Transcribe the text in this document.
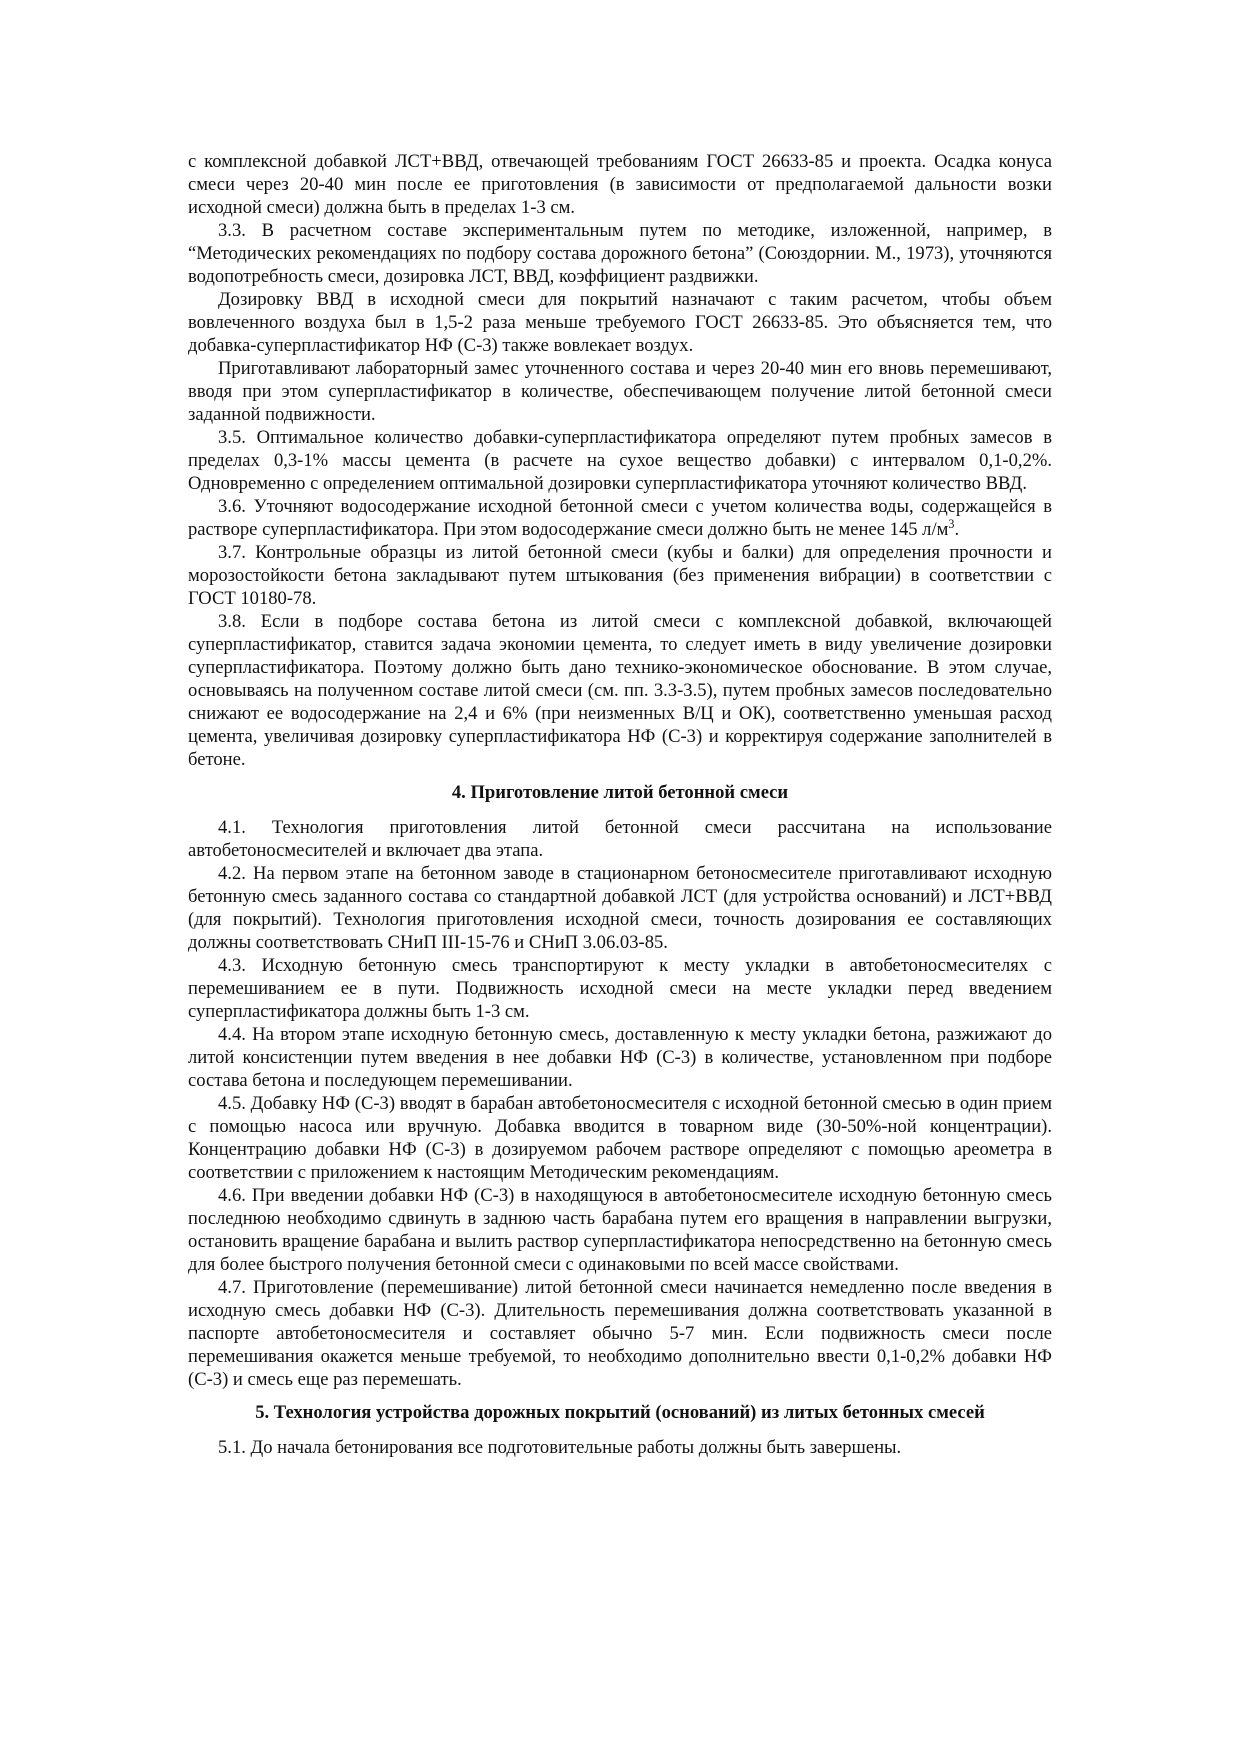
с комплексной добавкой ЛСТ+ВВД, отвечающей требованиям ГОСТ 26633-85 и проекта. Осадка конуса смеси через 20-40 мин после ее приготовления (в зависимости от предполагаемой дальности возки исходной смеси) должна быть в пределах 1-3 см.

3.3. В расчетном составе экспериментальным путем по методике, изложенной, например, в “Методических рекомендациях по подбору состава дорожного бетона” (Союздорнии. М., 1973), уточняются водопотребность смеси, дозировка ЛСТ, ВВД, коэффициент раздвижки.

Дозировку ВВД в исходной смеси для покрытий назначают с таким расчетом, чтобы объем вовлеченного воздуха был в 1,5-2 раза меньше требуемого ГОСТ 26633-85. Это объясняется тем, что добавка-суперпластификатор НФ (С-3) также вовлекает воздух.

Приготавливают лабораторный замес уточненного состава и через 20-40 мин его вновь перемешивают, вводя при этом суперпластификатор в количестве, обеспечивающем получение литой бетонной смеси заданной подвижности.

3.5. Оптимальное количество добавки-суперпластификатора определяют путем пробных замесов в пределах 0,3-1% массы цемента (в расчете на сухое вещество добавки) с интервалом 0,1-0,2%. Одновременно с определением оптимальной дозировки суперпластификатора уточняют количество ВВД.

3.6. Уточняют водосодержание исходной бетонной смеси с учетом количества воды, содержащейся в растворе суперпластификатора. При этом водосодержание смеси должно быть не менее 145 $л/м^3$.

3.7. Контрольные образцы из литой бетонной смеси (кубы и балки) для определения прочности и морозостойкости бетона закладывают путем штыкования (без применения вибрации) в соответствии с ГОСТ 10180-78.

3.8. Если в подборе состава бетона из литой смеси с комплексной добавкой, включающей суперпластификатор, ставится задача экономии цемента, то следует иметь в виду увеличение дозировки суперпластификатора. Поэтому должно быть дано технико-экономическое обоснование. В этом случае, основываясь на полученном составе литой смеси (см. пп. 3.3-3.5), путем пробных замесов последовательно снижают ее водосодержание на 2,4 и 6% (при неизменных В/Ц и ОК), соответственно уменьшая расход цемента, увеличивая дозировку суперпластификатора НФ (С-3) и корректируя содержание заполнителей в бетоне.

4. Приготовление литой бетонной смеси

4.1. Технология приготовления литой бетонной смеси рассчитана на использование автобетоносмесителей и включает два этапа.

4.2. На первом этапе на бетонном заводе в стационарном бетоносмесителе приготавливают исходную бетонную смесь заданного состава со стандартной добавкой ЛСТ (для устройства оснований) и ЛСТ+ВВД (для покрытий). Технология приготовления исходной смеси, точность дозирования ее составляющих должны соответствовать СНиП III-15-76 и СНиП 3.06.03-85.

4.3. Исходную бетонную смесь транспортируют к месту укладки в автобетоносмесителях с перемешиванием ее в пути. Подвижность исходной смеси на месте укладки перед введением суперпластификатора должны быть 1-3 см.

4.4. На втором этапе исходную бетонную смесь, доставленную к месту укладки бетона, разжижают до литой консистенции путем введения в нее добавки НФ (С-3) в количестве, установленном при подборе состава бетона и последующем перемешивании.

4.5. Добавку НФ (С-3) вводят в барабан автобетоносмесителя с исходной бетонной смесью в один прием с помощью насоса или вручную. Добавка вводится в товарном виде (30-50%-ной концентрации). Концентрацию добавки НФ (С-3) в дозируемом рабочем растворе определяют с помощью ареометра в соответствии с приложением к настоящим Методическим рекомендациям.

4.6. При введении добавки НФ (С-3) в находящуюся в автобетоносмесителе исходную бетонную смесь последнюю необходимо сдвинуть в заднюю часть барабана путем его вращения в направлении выгрузки, остановить вращение барабана и вылить раствор суперпластификатора непосредственно на бетонную смесь для более быстрого получения бетонной смеси с одинаковыми по всей массе свойствами.

4.7. Приготовление (перемешивание) литой бетонной смеси начинается немедленно после введения в исходную смесь добавки НФ (С-3). Длительность перемешивания должна соответствовать указанной в паспорте автобетоносмесителя и составляет обычно 5-7 мин. Если подвижность смеси после перемешивания окажется меньше требуемой, то необходимо дополнительно ввести 0,1-0,2% добавки НФ (С-3) и смесь еще раз перемешать.

5. Технология устройства дорожных покрытий (оснований) из литых бетонных смесей

5.1. До начала бетонирования все подготовительные работы должны быть завершены.
